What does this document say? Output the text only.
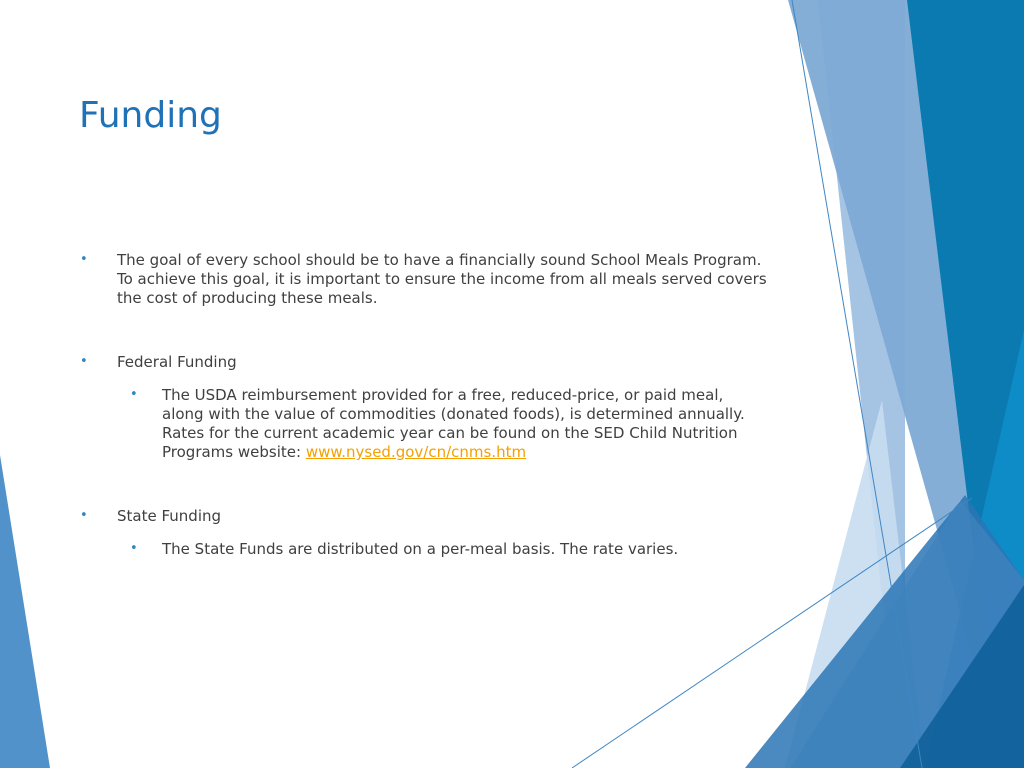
Funding
• The goal of every school should be to have a financially sound School Meals Program. To achieve this goal, it is important to ensure the income from all meals served covers the cost of producing these meals.
• Federal Funding
• The USDA reimbursement provided for a free, reduced-price, or paid meal, along with the value of commodities (donated foods), is determined annually. Rates for the current academic year can be found on the SED Child Nutrition Programs website: www.nysed.gov/cn/cnms.htm
• State Funding
• The State Funds are distributed on a per-meal basis. The rate varies.
